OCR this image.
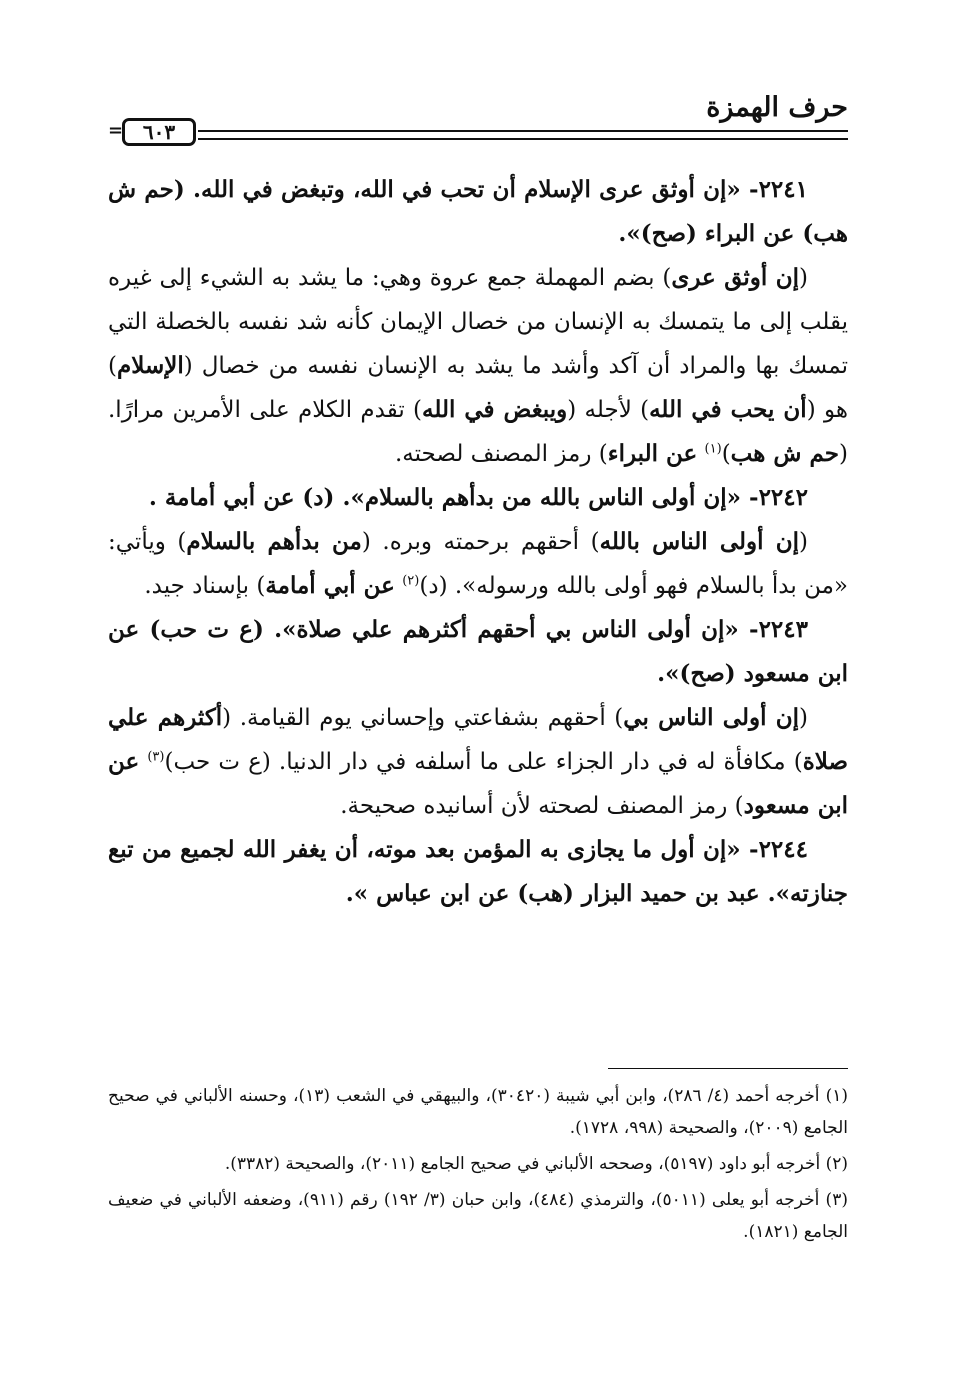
حرف الهمزة
٦٠٣
=

٢٢٤١- «إن أوثق عرى الإسلام أن تحب في الله، وتبغض في الله. (حم ش هب) عن البراء (صح)».

(إن أوثق عرى) بضم المهملة جمع عروة وهي: ما يشد به الشيء إلى غيره يقلب إلى ما يتمسك به الإنسان من خصال الإيمان كأنه شد نفسه بالخصلة التي تمسك بها والمراد أن آكد وأشد ما يشد به الإنسان نفسه من خصال (الإسلام) هو (أن يحب في الله) لأجله (ويبغض في الله) تقدم الكلام على الأمرين مرارًا. (حم ش هب)$^{(١)}$ عن البراء) رمز المصنف لصحته.

٢٢٤٢- «إن أولى الناس بالله من بدأهم بالسلام». (د) عن أبي أمامة .

(إن أولى الناس بالله) أحقهم برحمته وبره. (من بدأهم بالسلام) ويأتي: «من بدأ بالسلام فهو أولى بالله ورسوله». (د)$^{(٢)}$ عن أبي أمامة) بإسناد جيد.

٢٢٤٣- «إن أولى الناس بي أحقهم أكثرهم علي صلاة». (ع ت حب) عن ابن مسعود (صح)».

(إن أولى الناس بي) أحقهم بشفاعتي وإحساني يوم القيامة. (أكثرهم علي صلاة) مكافأة له في دار الجزاء على ما أسلفه في دار الدنيا. (ع ت حب)$^{(٣)}$ عن ابن مسعود) رمز المصنف لصحته لأن أسانيده صحيحة.

٢٢٤٤- «إن أول ما يجازى به المؤمن بعد موته، أن يغفر الله لجميع من تبع جنازته». عبد بن حميد البزار (هب) عن ابن عباس ».

(١) أخرجه أحمد (٤/ ٢٨٦)، وابن أبي شيبة (٣٠٤٢٠)، والبيهقي في الشعب (١٣)، وحسنه الألباني في صحيح الجامع (٢٠٠٩)، والصحيحة (٩٩٨، ١٧٢٨).

(٢) أخرجه أبو داود (٥١٩٧)، وصححه الألباني في صحيح الجامع (٢٠١١)، والصحيحة (٣٣٨٢).

(٣) أخرجه أبو يعلى (٥٠١١)، والترمذي (٤٨٤)، وابن حبان (٣/ ١٩٢) رقم (٩١١)، وضعفه الألباني في ضعيف الجامع (١٨٢١).
